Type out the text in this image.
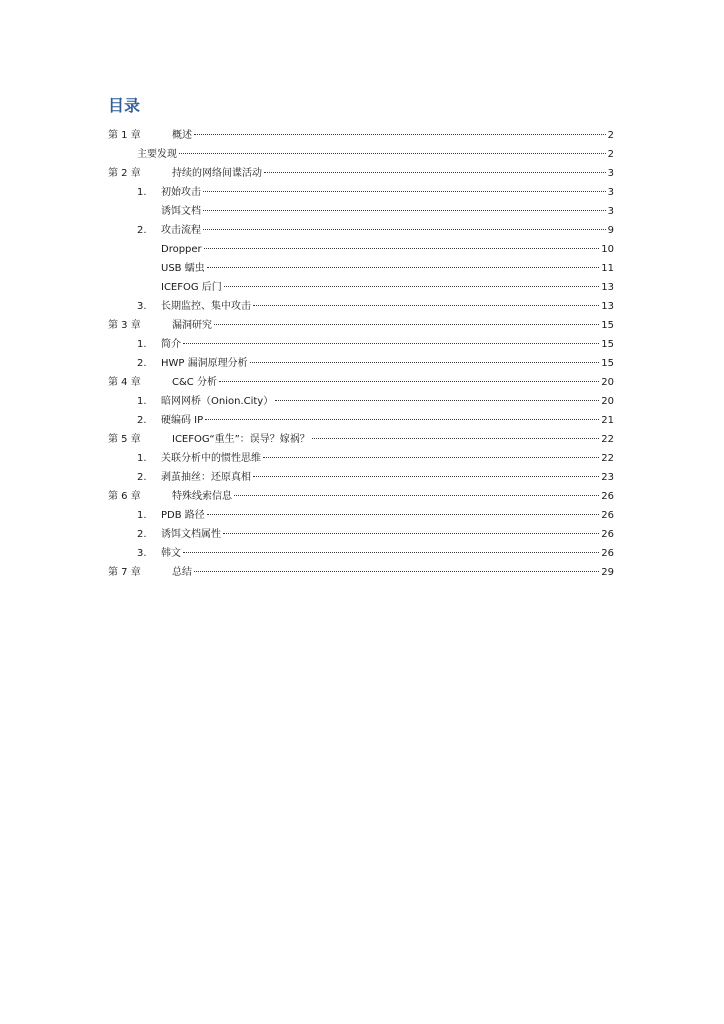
目录
第 1 章	概述	2
主要发现	2
第 2 章	持续的网络间谍活动	3
1. 初始攻击	3
诱饵文档	3
2. 攻击流程	9
Dropper	10
USB 蠕虫	11
ICEFOG 后门	13
3. 长期监控、集中攻击	13
第 3 章	漏洞研究	15
1. 简介	15
2. HWP 漏洞原理分析	15
第 4 章	C&C 分析	20
1. 暗网网桥（Onion.City）	20
2. 硬编码 IP	21
第 5 章	ICEFOG“重生”：误导？嫁祸？	22
1. 关联分析中的惯性思维	22
2. 剥茧抽丝：还原真相	23
第 6 章	特殊线索信息	26
1. PDB 路径	26
2. 诱饵文档属性	26
3. 韩文	26
第 7 章	总结	29
